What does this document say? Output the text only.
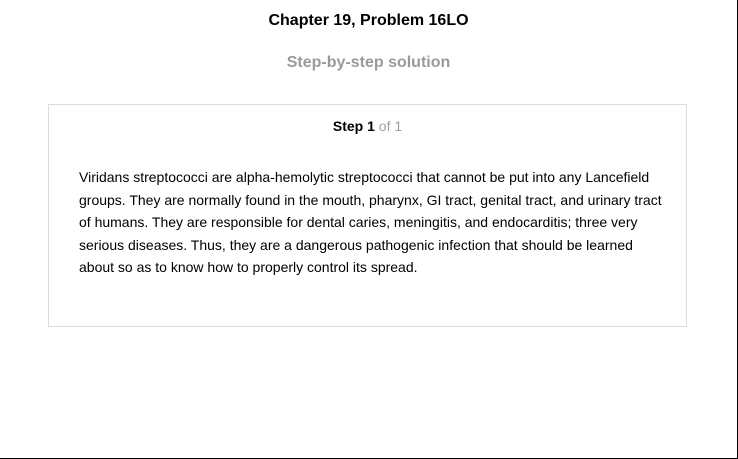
Chapter 19, Problem 16LO
Step-by-step solution
Step 1 of 1

Viridans streptococci are alpha-hemolytic streptococci that cannot be put into any Lancefield groups. They are normally found in the mouth, pharynx, GI tract, genital tract, and urinary tract of humans. They are responsible for dental caries, meningitis, and endocarditis; three very serious diseases. Thus, they are a dangerous pathogenic infection that should be learned about so as to know how to properly control its spread.
